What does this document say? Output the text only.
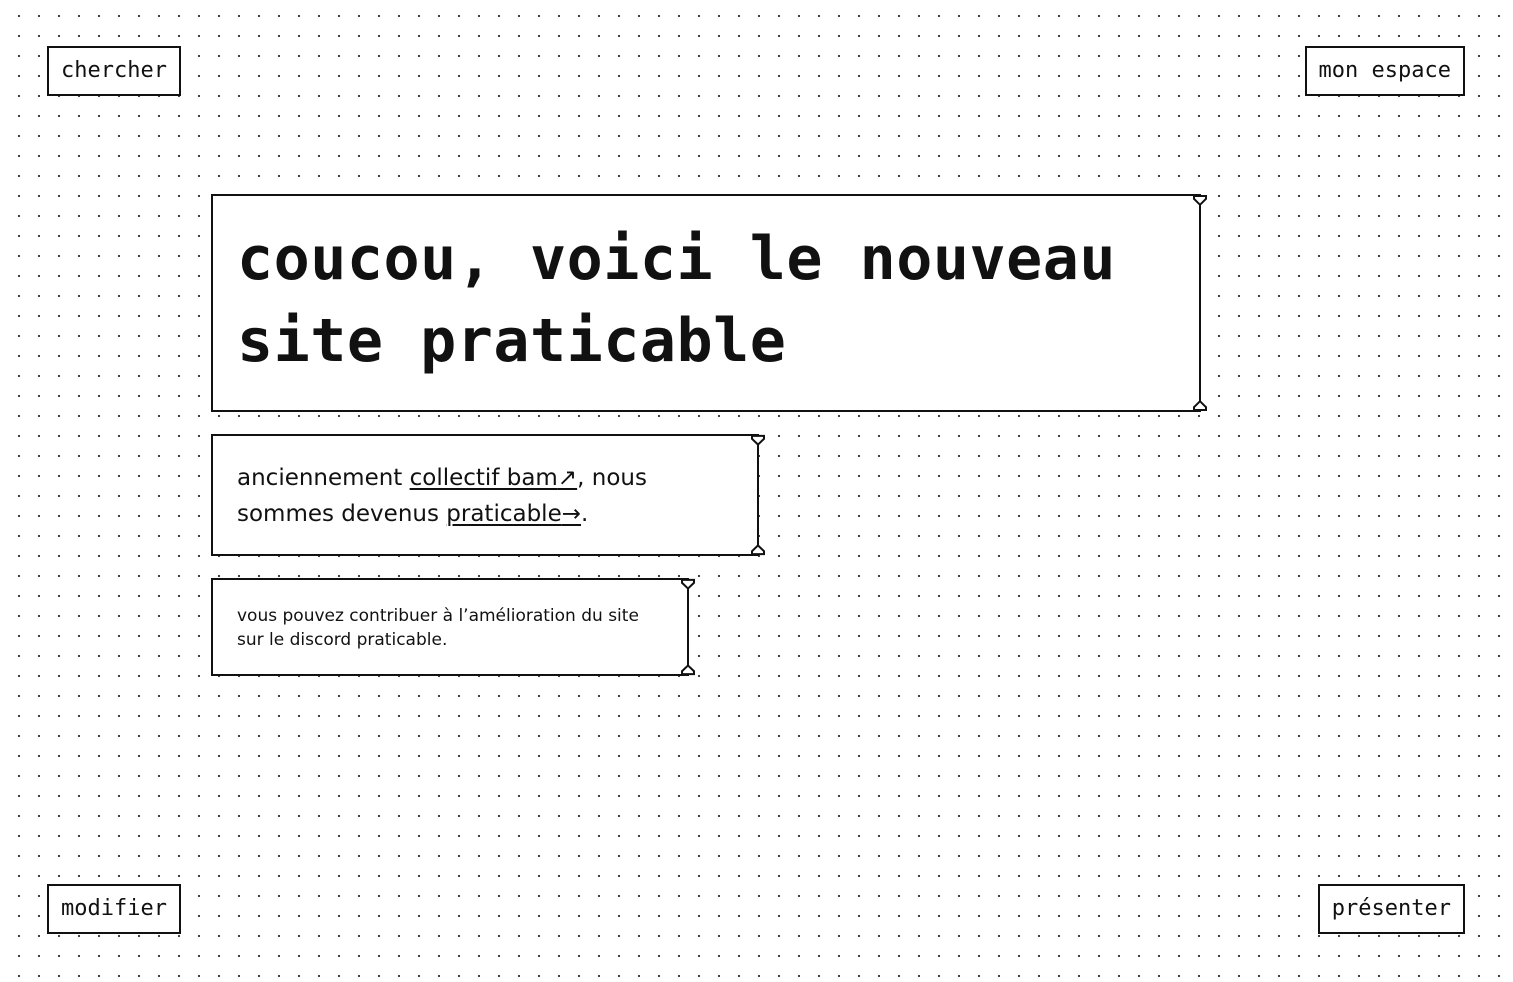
chercher	mon espace
modifier	présenter
coucou, voici le nouveau site praticable

anciennement collectif bam↗, nous sommes devenus praticable→.

vous pouvez contribuer à l’amélioration du site sur le discord praticable.
